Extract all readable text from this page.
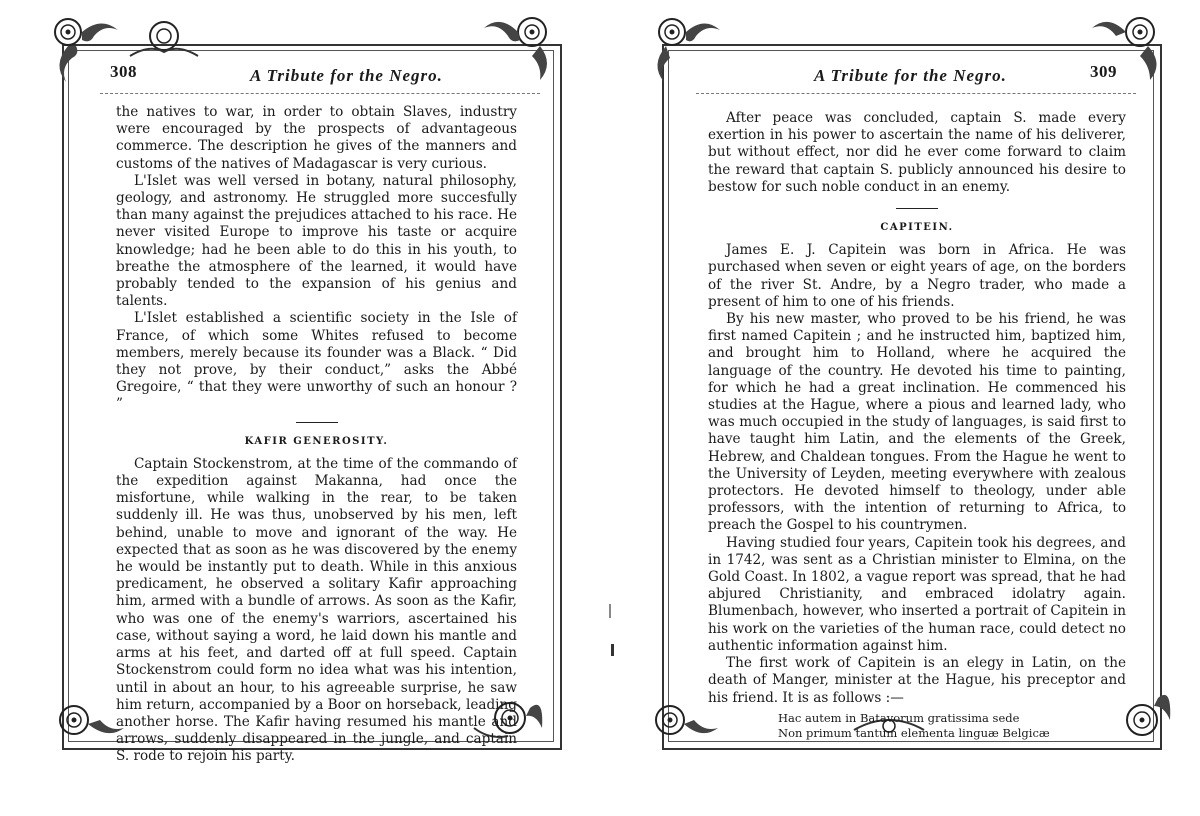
308	A Tribute for the Negro.

the natives to war, in order to obtain Slaves, industry were encouraged by the prospects of advantageous commerce. The description he gives of the manners and customs of the natives of Madagascar is very curious.

L'Islet was well versed in botany, natural philosophy, geology, and astronomy. He struggled more succesfully than many against the prejudices attached to his race. He never visited Europe to improve his taste or acquire knowledge; had he been able to do this in his youth, to breathe the atmosphere of the learned, it would have probably tended to the expansion of his genius and talents.

L'Islet established a scientific society in the Isle of France, of which some Whites refused to become members, merely because its founder was a Black. “ Did they not prove, by their conduct,” asks the Abbé Gregoire, “ that they were unworthy of such an honour ? ”

KAFIR GENEROSITY.

Captain Stockenstrom, at the time of the commando of the expedition against Makanna, had once the misfortune, while walking in the rear, to be taken suddenly ill. He was thus, unobserved by his men, left behind, unable to move and ignorant of the way. He expected that as soon as he was discovered by the enemy he would be instantly put to death. While in this anxious predicament, he observed a solitary Kafir approaching him, armed with a bundle of arrows. As soon as the Kafir, who was one of the enemy's warriors, ascertained his case, without saying a word, he laid down his mantle and arms at his feet, and darted off at full speed. Captain Stockenstrom could form no idea what was his intention, until in about an hour, to his agreeable surprise, he saw him return, accompanied by a Boor on horseback, leading another horse. The Kafir having resumed his mantle and arrows, suddenly disappeared in the jungle, and captain S. rode to rejoin his party.

A Tribute for the Negro.	309

After peace was concluded, captain S. made every exertion in his power to ascertain the name of his deliverer, but without effect, nor did he ever come forward to claim the reward that captain S. publicly announced his desire to bestow for such noble conduct in an enemy.

CAPITEIN.

James E. J. Capitein was born in Africa. He was purchased when seven or eight years of age, on the borders of the river St. Andre, by a Negro trader, who made a present of him to one of his friends.

By his new master, who proved to be his friend, he was first named Capitein ; and he instructed him, baptized him, and brought him to Holland, where he acquired the language of the country. He devoted his time to painting, for which he had a great inclination. He commenced his studies at the Hague, where a pious and learned lady, who was much occupied in the study of languages, is said first to have taught him Latin, and the elements of the Greek, Hebrew, and Chaldean tongues. From the Hague he went to the University of Leyden, meeting everywhere with zealous protectors. He devoted himself to theology, under able professors, with the intention of returning to Africa, to preach the Gospel to his countrymen.

Having studied four years, Capitein took his degrees, and in 1742, was sent as a Christian minister to Elmina, on the Gold Coast. In 1802, a vague report was spread, that he had abjured Christianity, and embraced idolatry again. Blumenbach, however, who inserted a portrait of Capitein in his work on the varieties of the human race, could detect no authentic information against him.

The first work of Capitein is an elegy in Latin, on the death of Manger, minister at the Hague, his preceptor and his friend. It is as follows :—

Hac autem in Batavorum gratissima sede
Non primum tantum elementa linguæ Belgicæ
